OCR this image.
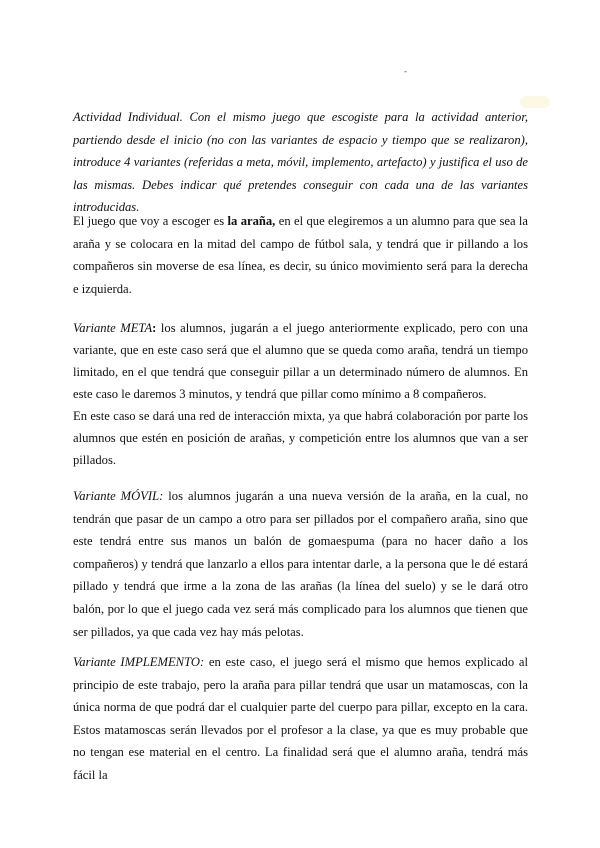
-

Actividad Individual. Con el mismo juego que escogiste para la actividad anterior, partiendo desde el inicio (no con las variantes de espacio y tiempo que se realizaron), introduce 4 variantes (referidas a meta, móvil, implemento, artefacto) y justifica el uso de las mismas. Debes indicar qué pretendes conseguir con cada una de las variantes introducidas.

El juego que voy a escoger es la araña, en el que elegiremos a un alumno para que sea la araña y se colocara en la mitad del campo de fútbol sala, y tendrá que ir pillando a los compañeros sin moverse de esa línea, es decir, su único movimiento será para la derecha e izquierda.

Variante META: los alumnos, jugarán a el juego anteriormente explicado, pero con una variante, que en este caso será que el alumno que se queda como araña, tendrá un tiempo limitado, en el que tendrá que conseguir pillar a un determinado número de alumnos. En este caso le daremos 3 minutos, y tendrá que pillar como mínimo a 8 compañeros.
En este caso se dará una red de interacción mixta, ya que habrá colaboración por parte los alumnos que estén en posición de arañas, y competición entre los alumnos que van a ser pillados.

Variante MÓVIL: los alumnos jugarán a una nueva versión de la araña, en la cual, no tendrán que pasar de un campo a otro para ser pillados por el compañero araña, sino que este tendrá entre sus manos un balón de gomaespuma (para no hacer daño a los compañeros) y tendrá que lanzarlo a ellos para intentar darle, a la persona que le dé estará pillado y tendrá que irme a la zona de las arañas (la línea del suelo) y se le dará otro balón, por lo que el juego cada vez será más complicado para los alumnos que tienen que ser pillados, ya que cada vez hay más pelotas.

Variante IMPLEMENTO: en este caso, el juego será el mismo que hemos explicado al principio de este trabajo, pero la araña para pillar tendrá que usar un matamoscas, con la única norma de que podrá dar el cualquier parte del cuerpo para pillar, excepto en la cara. Estos matamoscas serán llevados por el profesor a la clase, ya que es muy probable que no tengan ese material en el centro. La finalidad será que el alumno araña, tendrá más fácil la
